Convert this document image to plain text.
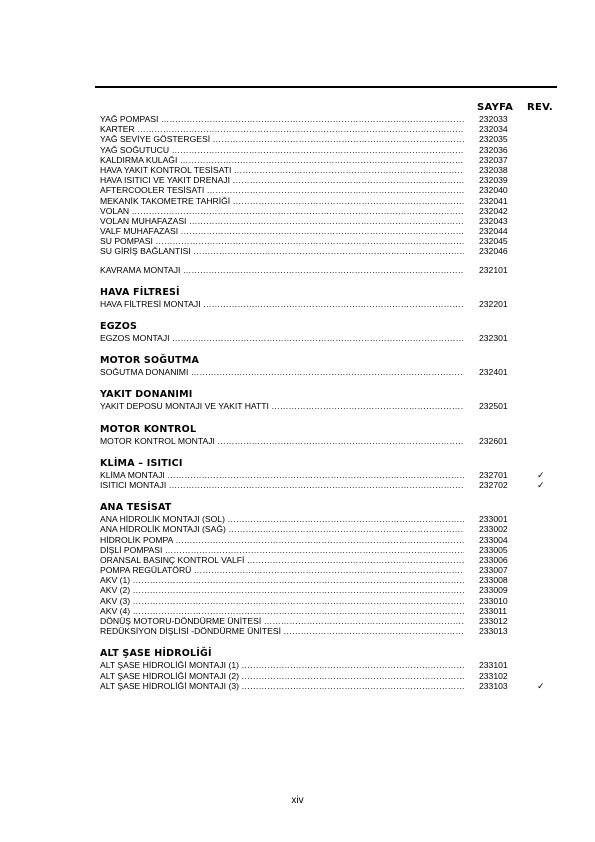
SAYFA REV.
YAĞ POMPASI ………………………………………………………………………………………………………………………………………………………………………………………………………………	232033
KARTER ………………………………………………………………………………………………………………………………………………………………………………………………………………	232034
YAĞ SEVİYE GÖSTERGESİ ………………………………………………………………………………………………………………………………………………………………………………………………………………	232035
YAĞ SOĞUTUCU ………………………………………………………………………………………………………………………………………………………………………………………………………………	232036
KALDIRMA KULAĞI ………………………………………………………………………………………………………………………………………………………………………………………………………………	232037
HAVA YAKIT KONTROL TESİSATI ………………………………………………………………………………………………………………………………………………………………………………………………………………	232038
HAVA ISITICI VE YAKIT DRENAJI ………………………………………………………………………………………………………………………………………………………………………………………………………………	232039
AFTERCOOLER TESİSATI ………………………………………………………………………………………………………………………………………………………………………………………………………………	232040
MEKANİK TAKOMETRE TAHRİĞİ ………………………………………………………………………………………………………………………………………………………………………………………………………………	232041
VOLAN ………………………………………………………………………………………………………………………………………………………………………………………………………………	232042
VOLAN MUHAFAZASI ………………………………………………………………………………………………………………………………………………………………………………………………………………	232043
VALF MUHAFAZASI ………………………………………………………………………………………………………………………………………………………………………………………………………………	232044
SU POMPASI ………………………………………………………………………………………………………………………………………………………………………………………………………………	232045
SU GİRİŞ BAĞLANTISI ………………………………………………………………………………………………………………………………………………………………………………………………………………	232046
KAVRAMA MONTAJI ………………………………………………………………………………………………………………………………………………………………………………………………………………	232101
HAVA FİLTRESİ
HAVA FİLTRESİ MONTAJI ………………………………………………………………………………………………………………………………………………………………………………………………………………	232201
EGZOS
EGZOS MONTAJI ………………………………………………………………………………………………………………………………………………………………………………………………………………	232301
MOTOR SOĞUTMA
SOĞUTMA DONANIMI ………………………………………………………………………………………………………………………………………………………………………………………………………………	232401
YAKIT DONANIMI
YAKIT DEPOSU MONTAJI VE YAKIT HATTI ………………………………………………………………………………………………………………………………………………………………………………………………………………	232501
MOTOR KONTROL
MOTOR KONTROL MONTAJI ………………………………………………………………………………………………………………………………………………………………………………………………………………	232601
KLİMA – ISITICI
KLİMA MONTAJI ………………………………………………………………………………………………………………………………………………………………………………………………………………	232701	✓
ISITICI MONTAJI ………………………………………………………………………………………………………………………………………………………………………………………………………………	232702	✓
ANA TESİSAT
ANA HİDROLİK MONTAJI (SOL) ………………………………………………………………………………………………………………………………………………………………………………………………………………	233001
ANA HİDROLİK MONTAJI (SAĞ) ………………………………………………………………………………………………………………………………………………………………………………………………………………	233002
HİDROLİK POMPA ………………………………………………………………………………………………………………………………………………………………………………………………………………	233004
DİŞLİ POMPASI ………………………………………………………………………………………………………………………………………………………………………………………………………………	233005
ORANSAL BASINÇ KONTROL VALFİ ………………………………………………………………………………………………………………………………………………………………………………………………………………	233006
POMPA REGÜLATÖRÜ ………………………………………………………………………………………………………………………………………………………………………………………………………………	233007
AKV (1) ………………………………………………………………………………………………………………………………………………………………………………………………………………	233008
AKV (2) ………………………………………………………………………………………………………………………………………………………………………………………………………………	233009
AKV (3) ………………………………………………………………………………………………………………………………………………………………………………………………………………	233010
AKV (4) ………………………………………………………………………………………………………………………………………………………………………………………………………………	233011
DÖNÜŞ MOTORU-DÖNDÜRME ÜNİTESİ ………………………………………………………………………………………………………………………………………………………………………………………………………………	233012
REDÜKSİYON DİŞLİSİ -DÖNDÜRME ÜNİTESİ ………………………………………………………………………………………………………………………………………………………………………………………………………………	233013
ALT ŞASE HİDROLİĞİ
ALT ŞASE HİDROLİĞİ MONTAJI (1) ………………………………………………………………………………………………………………………………………………………………………………………………………………	233101
ALT ŞASE HİDROLİĞİ MONTAJI (2) ………………………………………………………………………………………………………………………………………………………………………………………………………………	233102
ALT ŞASE HİDROLİĞİ MONTAJI (3) ………………………………………………………………………………………………………………………………………………………………………………………………………………	233103	✓
xiv
